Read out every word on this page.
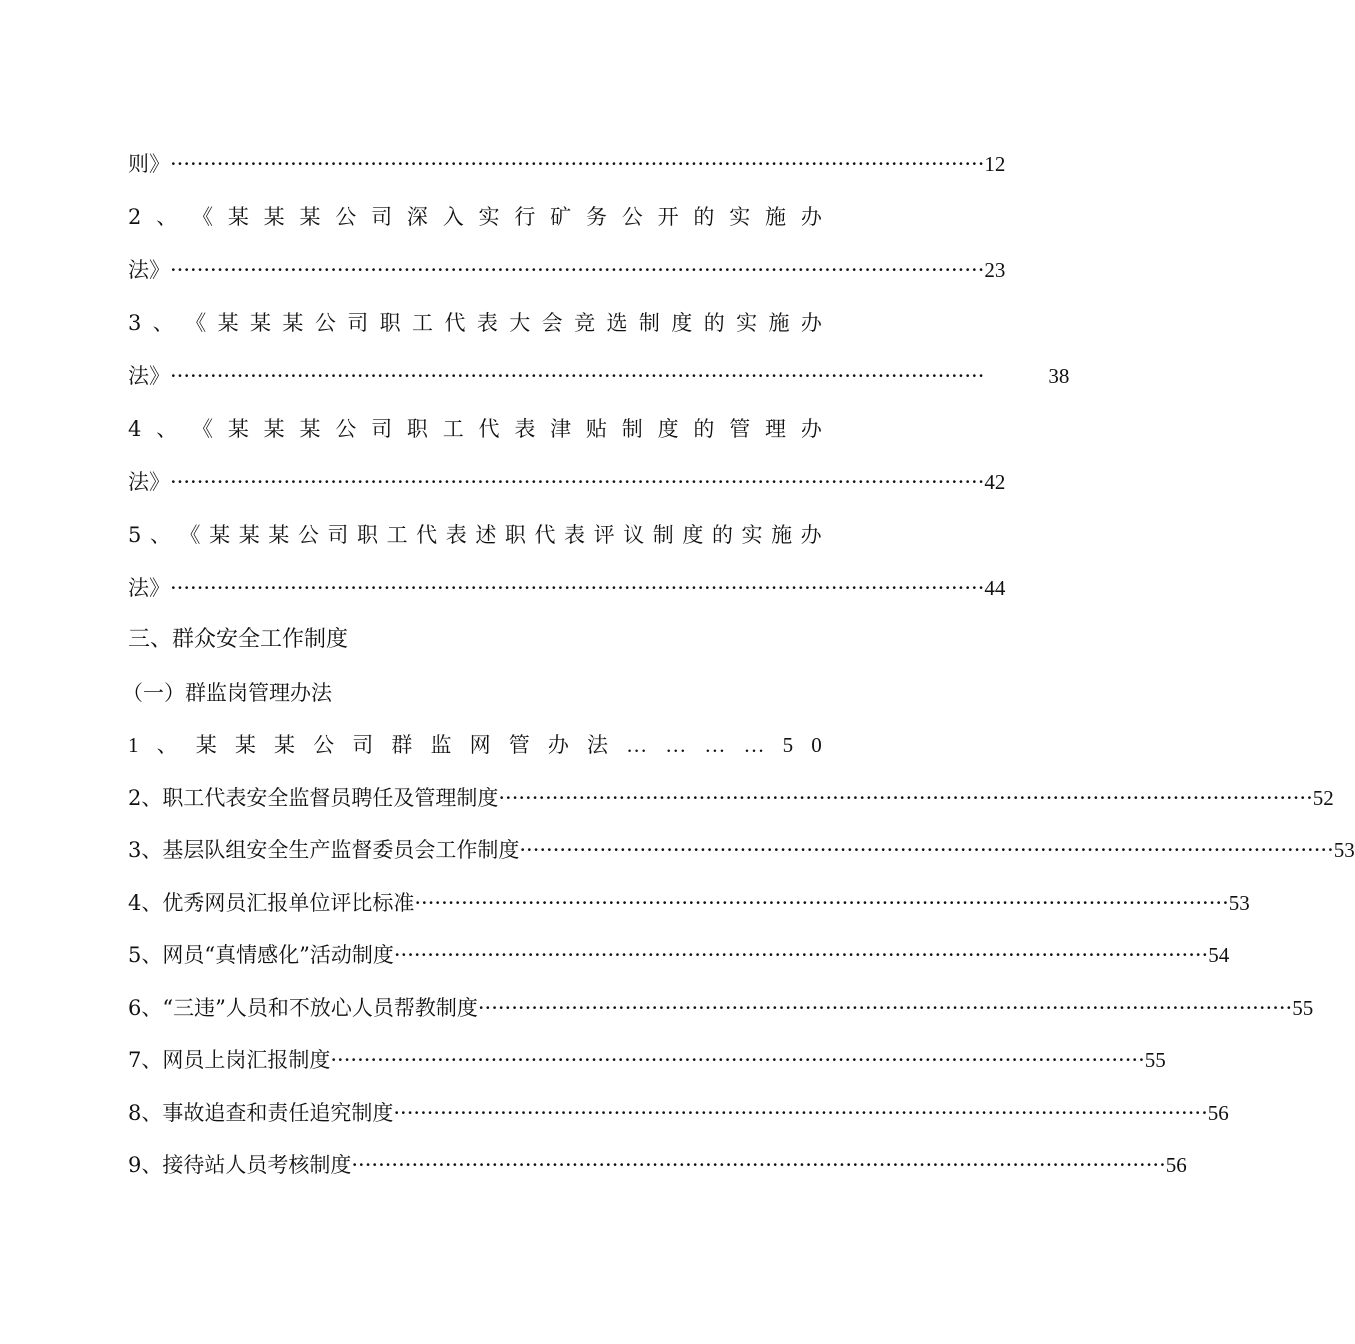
则》 ·························································································································· 12
2 、 《 某 某 某 公 司 深 入 实 行 矿 务 公 开 的 实 施 办
法》 ·························································································································· 23
3 、 《 某 某 某 公 司 职 工 代 表 大 会 竞 选 制 度 的 实 施 办
法》 ··························································································································	38
4 、 《 某 某 某 公 司 职 工 代 表 津 贴 制 度 的 管 理 办
法》 ·························································································································· 42
5 、 《 某 某 某 公 司 职 工 代 表 述 职 代 表 评 议 制 度 的 实 施 办
法》 ·························································································································· 44
三、群众安全工作制度
（一）群监岗管理办法
1 、 某 某 某 公 司 群 监 网 管 办 法 … … … … 5 0
2、职工代表安全监督员聘任及管理制度 ·························································································································· 52
3、基层队组安全生产监督委员会工作制度 ·························································································································· 53
4、优秀网员汇报单位评比标准 ·························································································································· 53
5、网员“真情感化”活动制度 ·························································································································· 54
6、“三违”人员和不放心人员帮教制度 ·························································································································· 55
7、网员上岗汇报制度 ·························································································································· 55
8、事故追查和责任追究制度 ·························································································································· 56
9、接待站人员考核制度 ·························································································································· 56
